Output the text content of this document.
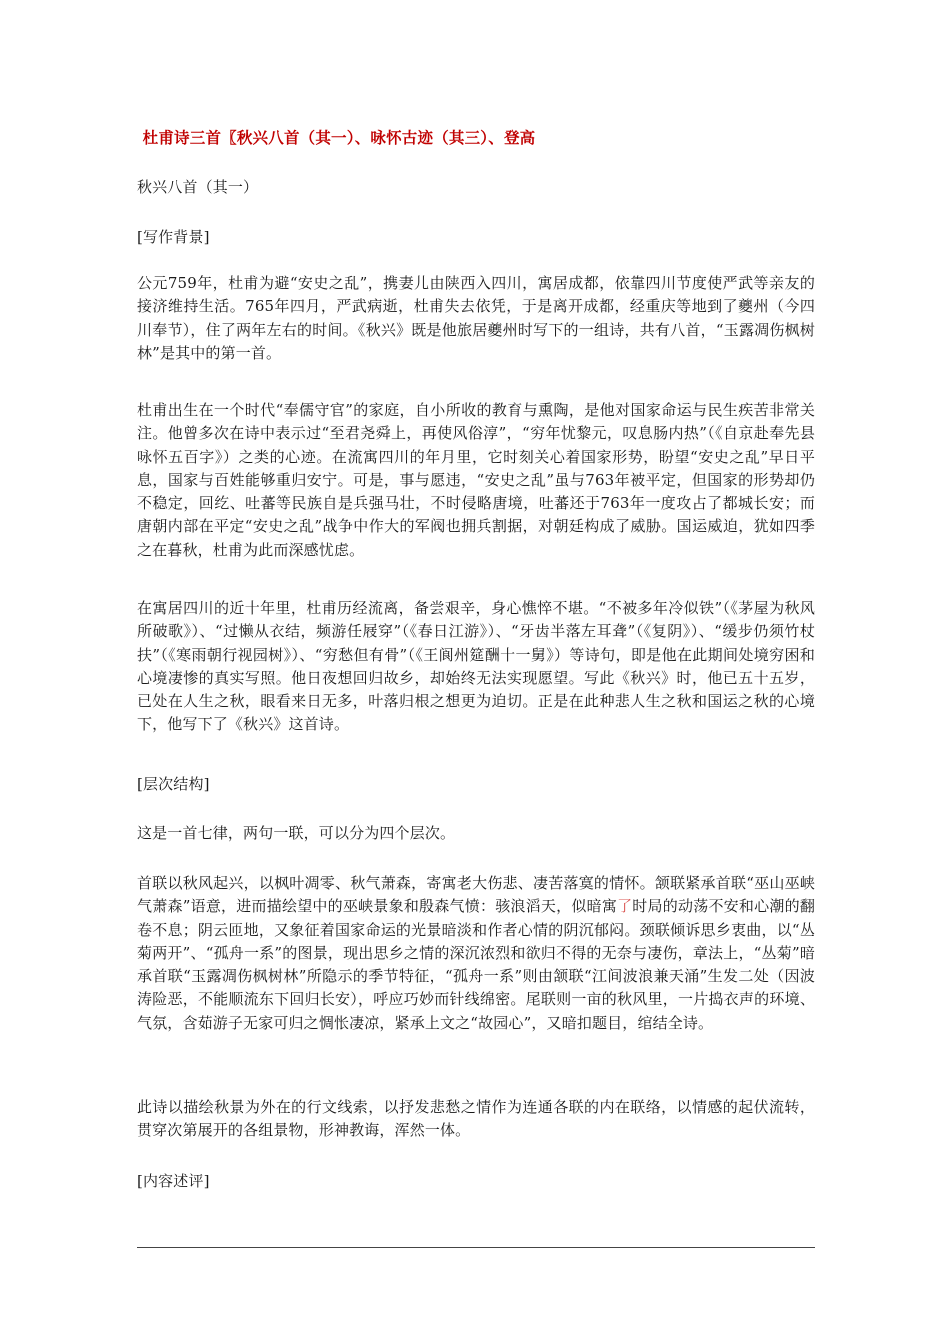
杜甫诗三首〖秋兴八首（其一）、咏怀古迹（其三）、登高

秋兴八首（其一）

[写作背景]

公元759年，杜甫为避“安史之乱”，携妻儿由陕西入四川，寓居成都，依靠四川节度使严武等亲友的接济维持生活。765年四月，严武病逝，杜甫失去依凭，于是离开成都，经重庆等地到了夔州（今四川奉节），住了两年左右的时间。《秋兴》既是他旅居夔州时写下的一组诗，共有八首，“玉露凋伤枫树林”是其中的第一首。

杜甫出生在一个时代“奉儒守官”的家庭，自小所收的教育与熏陶，是他对国家命运与民生疾苦非常关注。他曾多次在诗中表示过“至君尧舜上，再使风俗淳”，“穷年忧黎元，叹息肠内热”（《自京赴奉先县咏怀五百字》）之类的心迹。在流寓四川的年月里，它时刻关心着国家形势，盼望“安史之乱”早日平息，国家与百姓能够重归安宁。可是，事与愿违，“安史之乱”虽与763年被平定，但国家的形势却仍不稳定，回纥、吐蕃等民族自是兵强马壮，不时侵略唐境，吐蕃还于763年一度攻占了都城长安；而唐朝内部在平定“安史之乱”战争中作大的军阀也拥兵割据，对朝廷构成了威胁。国运威迫，犹如四季之在暮秋，杜甫为此而深感忧虑。

在寓居四川的近十年里，杜甫历经流离，备尝艰辛，身心憔悴不堪。“不被多年冷似铁”（《茅屋为秋风所破歌》）、“过懒从衣结，频游任屐穿”（《春日江游》）、“牙齿半落左耳聋”（《复阴》）、“缓步仍须竹杖扶”（《寒雨朝行视园树》）、“穷愁但有骨”（《王阆州筵酬十一舅》）等诗句，即是他在此期间处境穷困和心境凄惨的真实写照。他日夜想回归故乡，却始终无法实现愿望。写此《秋兴》时，他已五十五岁，已处在人生之秋，眼看来日无多，叶落归根之想更为迫切。正是在此种悲人生之秋和国运之秋的心境下，他写下了《秋兴》这首诗。

[层次结构]

这是一首七律，两句一联，可以分为四个层次。

首联以秋风起兴，以枫叶凋零、秋气萧森，寄寓老大伤悲、凄苦落寞的情怀。颔联紧承首联“巫山巫峡气萧森”语意，进而描绘望中的巫峡景象和殷森气愤：骇浪滔天，似暗寓了时局的动荡不安和心潮的翻卷不息；阴云匝地，又象征着国家命运的光景暗淡和作者心情的阴沉郁闷。颈联倾诉思乡衷曲，以“丛菊两开”、“孤舟一系”的图景，现出思乡之情的深沉浓烈和欲归不得的无奈与凄伤，章法上，“丛菊”暗承首联“玉露凋伤枫树林”所隐示的季节特征，“孤舟一系”则由颔联“江间波浪兼天涌”生发二处（因波涛险恶，不能顺流东下回归长安），呼应巧妙而针线绵密。尾联则一亩的秋风里，一片捣衣声的环境、气氛，含茹游子无家可归之惆怅凄凉，紧承上文之“故园心”，又暗扣题目，绾结全诗。

此诗以描绘秋景为外在的行文线索，以抒发悲愁之情作为连通各联的内在联络，以情感的起伏流转，贯穿次第展开的各组景物，形神教诲，浑然一体。

[内容述评]
